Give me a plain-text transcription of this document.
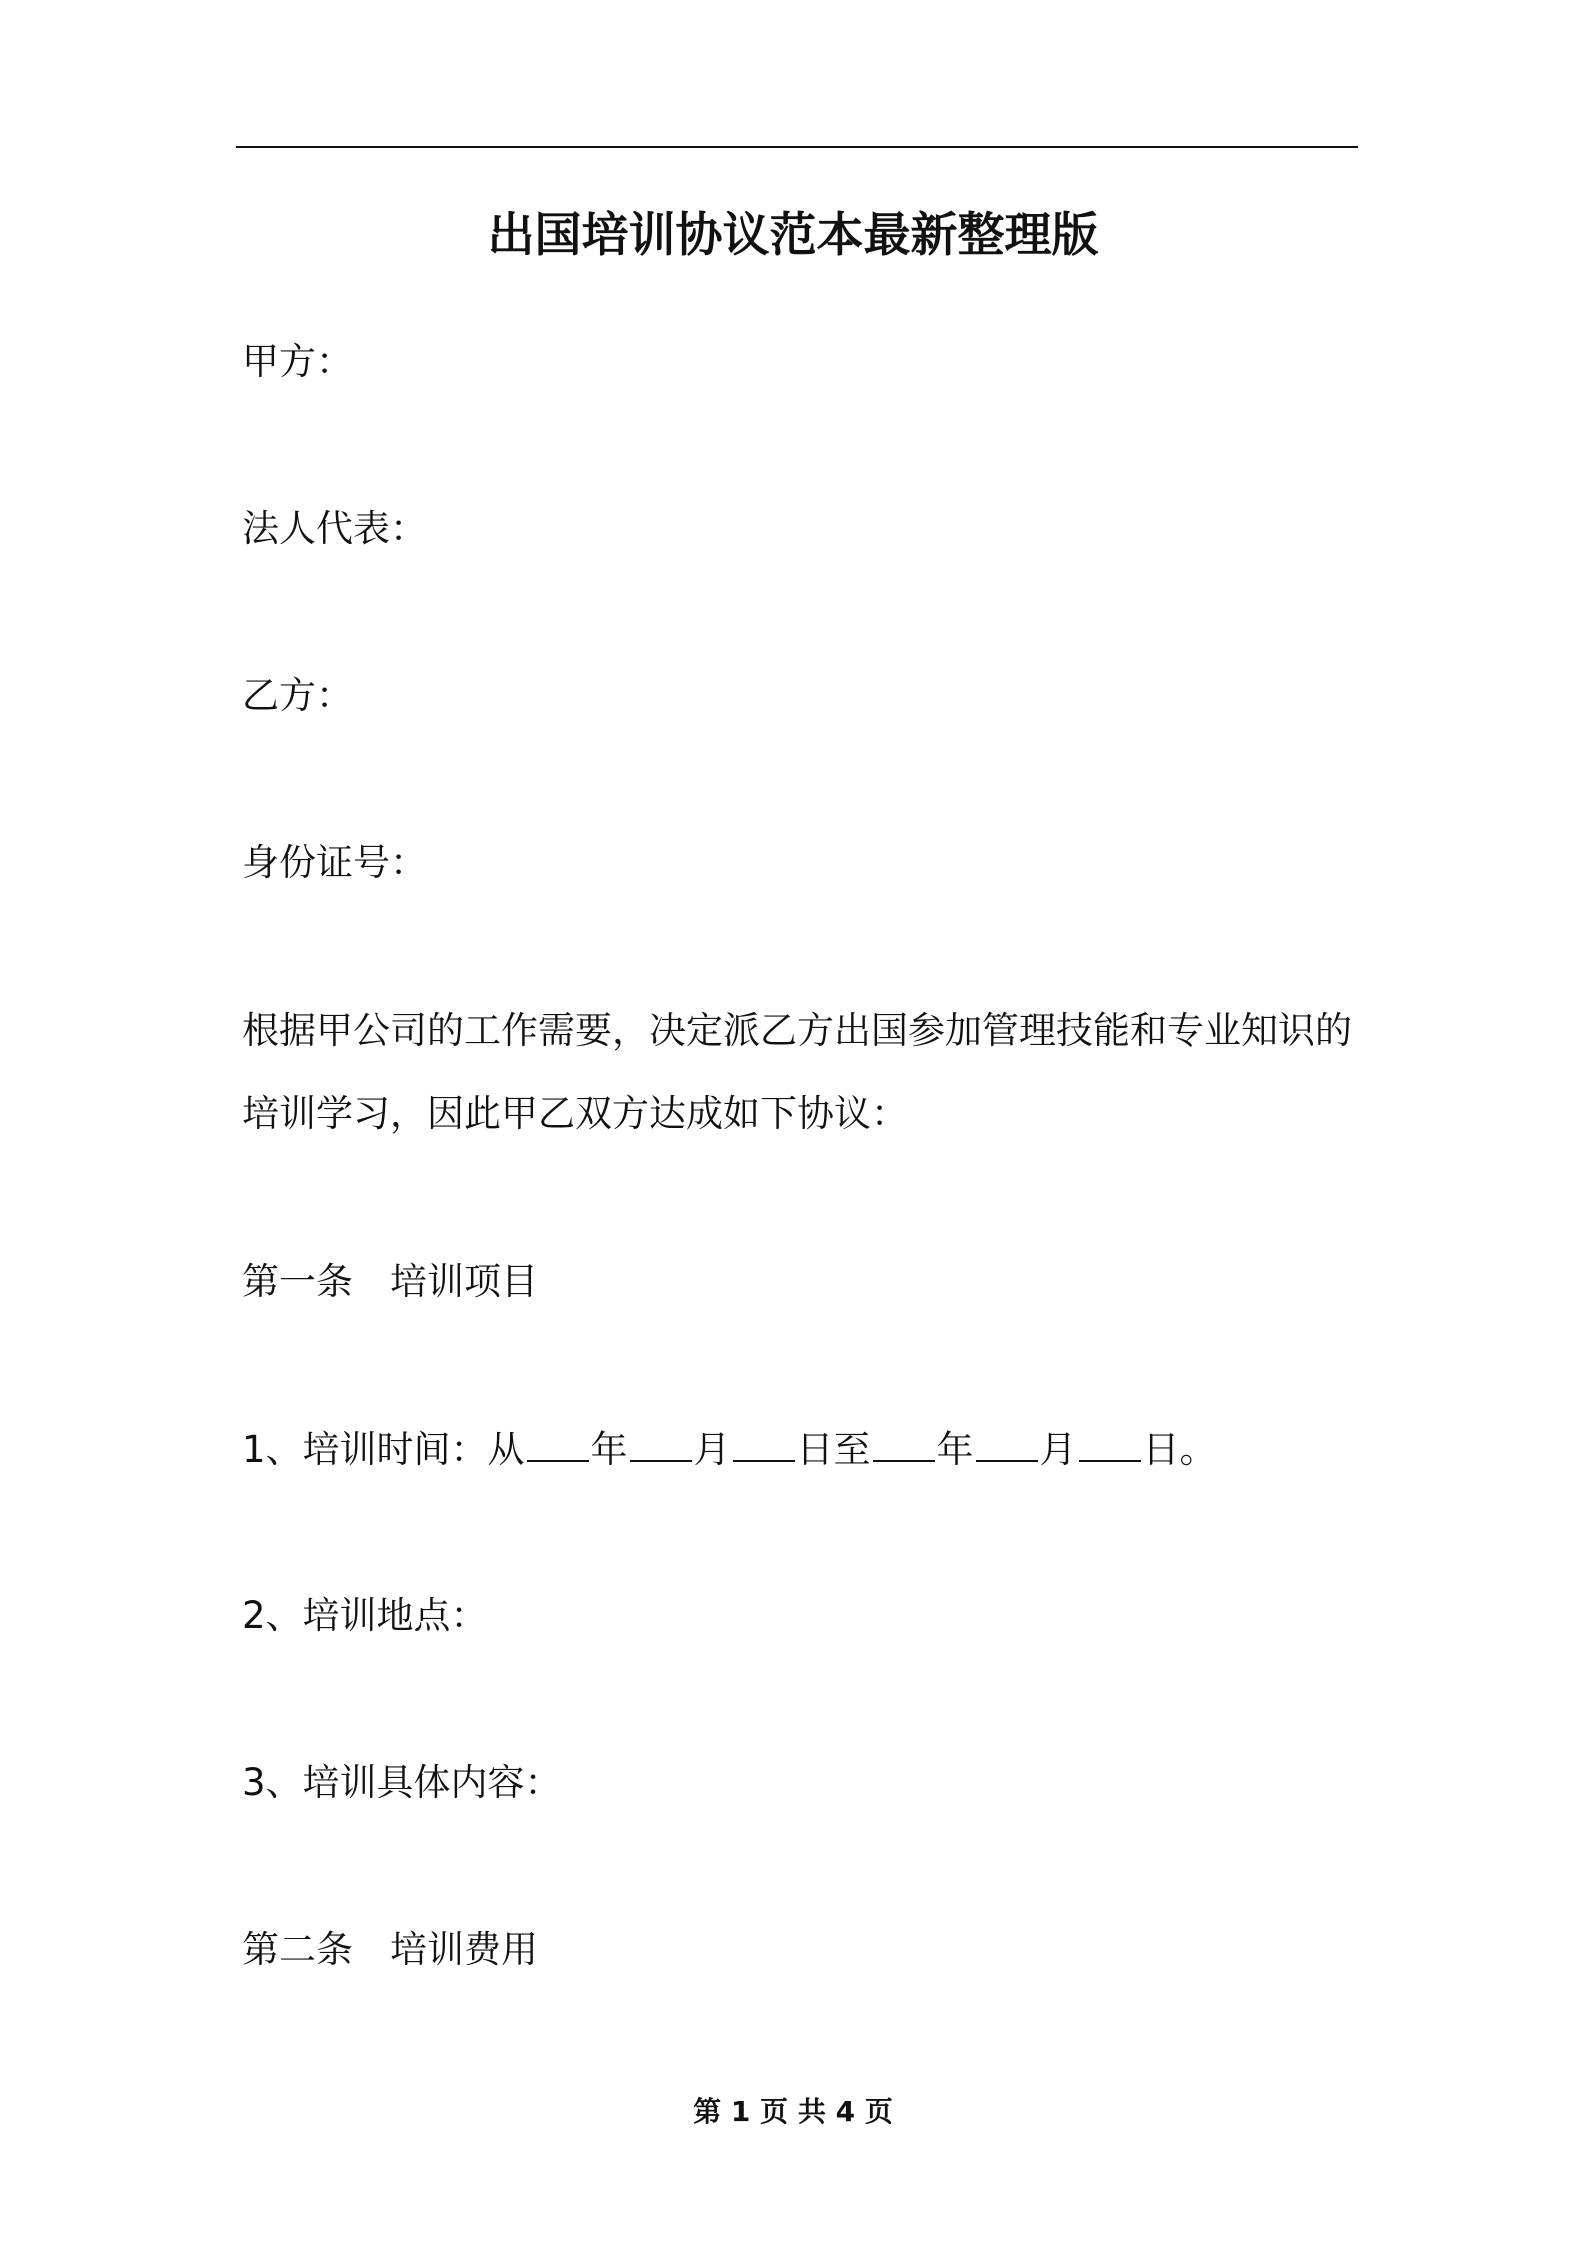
出国培训协议范本最新整理版
甲方：
法人代表：
乙方：
身份证号：
根据甲公司的工作需要，决定派乙方出国参加管理技能和专业知识的
培训学习，因此甲乙双方达成如下协议：
第一条　培训项目
1、培训时间：从 年 月 日至 年 月 日。
2、培训地点：
3、培训具体内容：
第二条　培训费用
第 1 页 共 4 页
